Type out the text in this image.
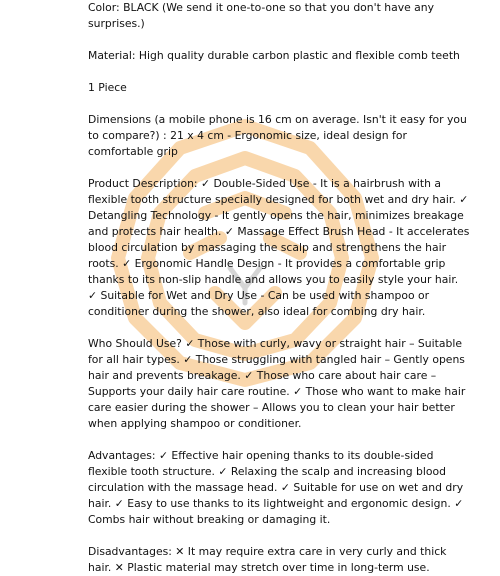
Color: BLACK (We send it one-to-one so that you don't have any surprises.)

Material: High quality durable carbon plastic and flexible comb teeth

1 Piece

Dimensions (a mobile phone is 16 cm on average. Isn't it easy for you to compare?) : 21 x 4 cm - Ergonomic size, ideal design for comfortable grip

Product Description: ✓ Double-Sided Use - It is a hairbrush with a flexible tooth structure specially designed for both wet and dry hair. ✓ Detangling Technology - It gently opens the hair, minimizes breakage and protects hair health. ✓ Massage Effect Brush Head - It accelerates blood circulation by massaging the scalp and strengthens the hair roots. ✓ Ergonomic Handle Design - It provides a comfortable grip thanks to its non-slip handle and allows you to easily style your hair. ✓ Suitable for Wet and Dry Use - Can be used with shampoo or conditioner during the shower, also ideal for combing dry hair.

Who Should Use? ✓ Those with curly, wavy or straight hair – Suitable for all hair types. ✓ Those struggling with tangled hair – Gently opens hair and prevents breakage. ✓ Those who care about hair care – Supports your daily hair care routine. ✓ Those who want to make hair care easier during the shower – Allows you to clean your hair better when applying shampoo or conditioner.

Advantages: ✓ Effective hair opening thanks to its double-sided flexible tooth structure. ✓ Relaxing the scalp and increasing blood circulation with the massage head. ✓ Suitable for use on wet and dry hair. ✓ Easy to use thanks to its lightweight and ergonomic design. ✓ Combs hair without breaking or damaging it.

Disadvantages: ✕ It may require extra care in very curly and thick hair. ✕ Plastic material may stretch over time in long-term use.
